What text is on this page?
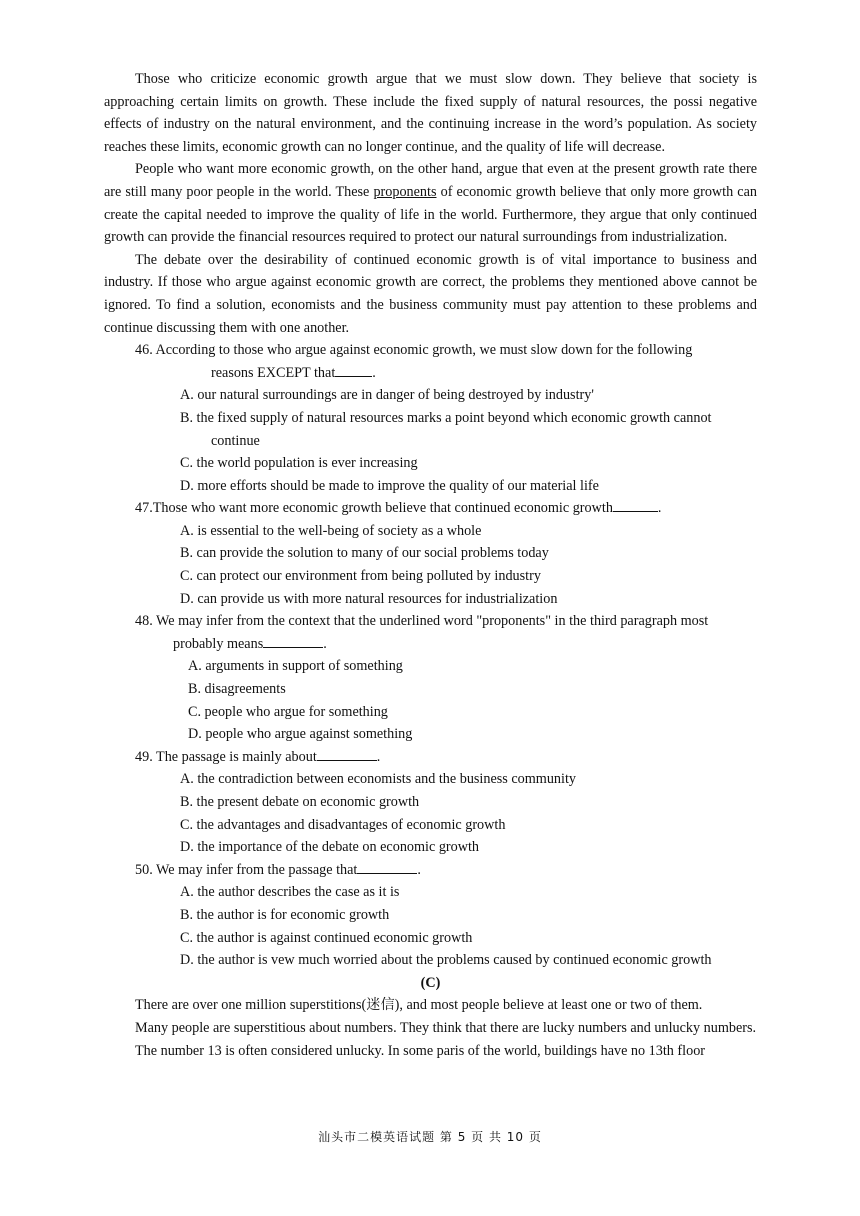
Those who criticize economic growth argue that we must slow down. They believe that society is approaching certain limits on growth. These include the fixed supply of natural resources, the possi negative effects of industry on the natural environment, and the continuing increase in the word’s population. As society reaches these limits, economic growth can no longer continue, and the quality of life will decrease.

People who want more economic growth, on the other hand, argue that even at the present growth rate there are still many poor people in the world. These proponents of economic growth believe that only more growth can create the capital needed to improve the quality of life in the world. Furthermore, they argue that only continued growth can provide the financial resources required to protect our natural surroundings from industrialization.

The debate over the desirability of continued economic growth is of vital importance to business and industry. If those who argue against economic growth are correct, the problems they mentioned above cannot be ignored. To find a solution, economists and the business community must pay attention to these problems and continue discussing them with one another.

46. According to those who argue against economic growth, we must slow down for the following
reasons EXCEPT that	.
A. our natural surroundings are in danger of being destroyed by industry'
B. the fixed supply of natural resources marks a point beyond which economic growth cannot
continue
C. the world population is ever increasing
D. more efforts should be made to improve the quality of our material life
47.Those who want more economic growth believe that continued economic growth	.
A. is essential to the well-being of society as a whole
B. can provide the solution to many of our social problems today
C. can protect our environment from being polluted by industry
D. can provide us with more natural resources for industrialization
48. We may infer from the context that the underlined word "proponents" in the third paragraph most
probably means	.
A. arguments in support of something
B. disagreements
C. people who argue for something
D. people who argue against something
49. The passage is mainly about	.
A. the contradiction between economists and the business community
B. the present debate on economic growth
C. the advantages and disadvantages of economic growth
D. the importance of the debate on economic growth
50. We may infer from the passage that	.
A. the author describes the case as it is
B. the author is for economic growth
C. the author is against continued economic growth
D. the author is vew much worried about the problems caused by continued economic growth
(C)

There are over one million superstitions(迷信), and most people believe at least one or two of them.

Many people are superstitious about numbers. They think that there are lucky numbers and unlucky numbers.

The number 13 is often considered unlucky. In some paris of the world, buildings have no 13th floor

汕头市二模英语试题 第 5 页 共 10 页
